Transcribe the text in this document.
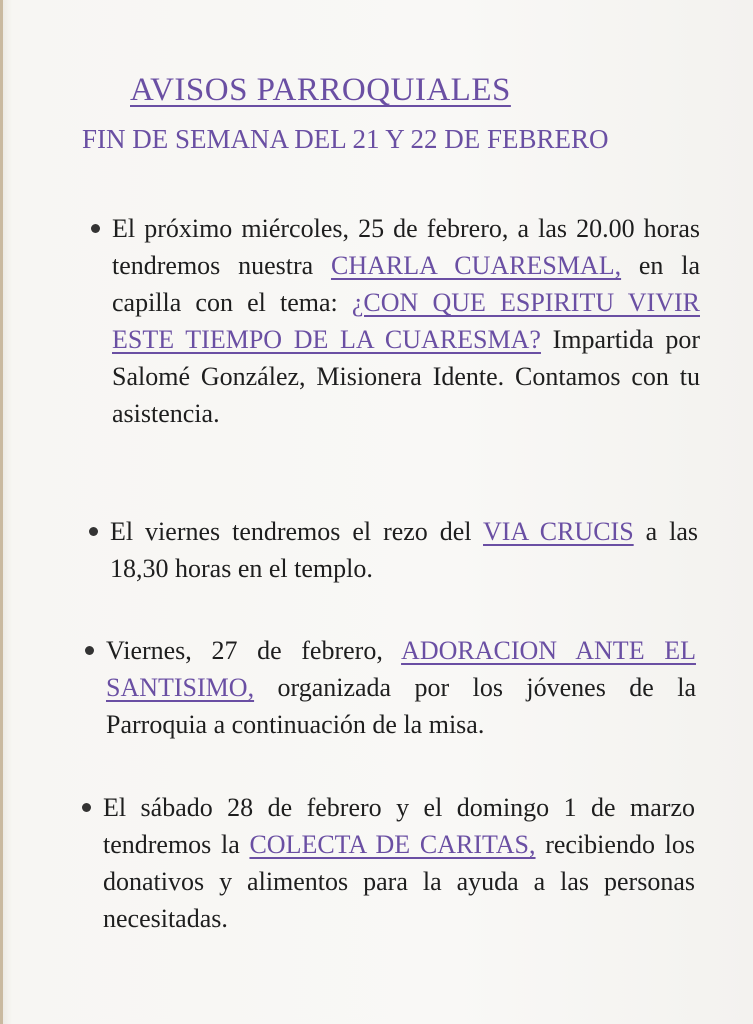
AVISOS PARROQUIALES
FIN DE SEMANA DEL 21 Y 22 DE FEBRERO
El próximo miércoles, 25 de febrero, a las 20.00 horas tendremos nuestra CHARLA CUARESMAL, en la capilla con el tema: ¿CON QUE ESPIRITU VIVIR ESTE TIEMPO DE LA CUARESMA? Impartida por Salomé González, Misionera Idente. Contamos con tu asistencia.
El viernes tendremos el rezo del VIA CRUCIS a las 18,30 horas en el templo.
Viernes, 27 de febrero, ADORACION ANTE EL SANTISIMO, organizada por los jóvenes de la Parroquia a continuación de la misa.
El sábado 28 de febrero y el domingo 1 de marzo tendremos la COLECTA DE CARITAS, recibiendo los donativos y alimentos para la ayuda a las personas necesitadas.
